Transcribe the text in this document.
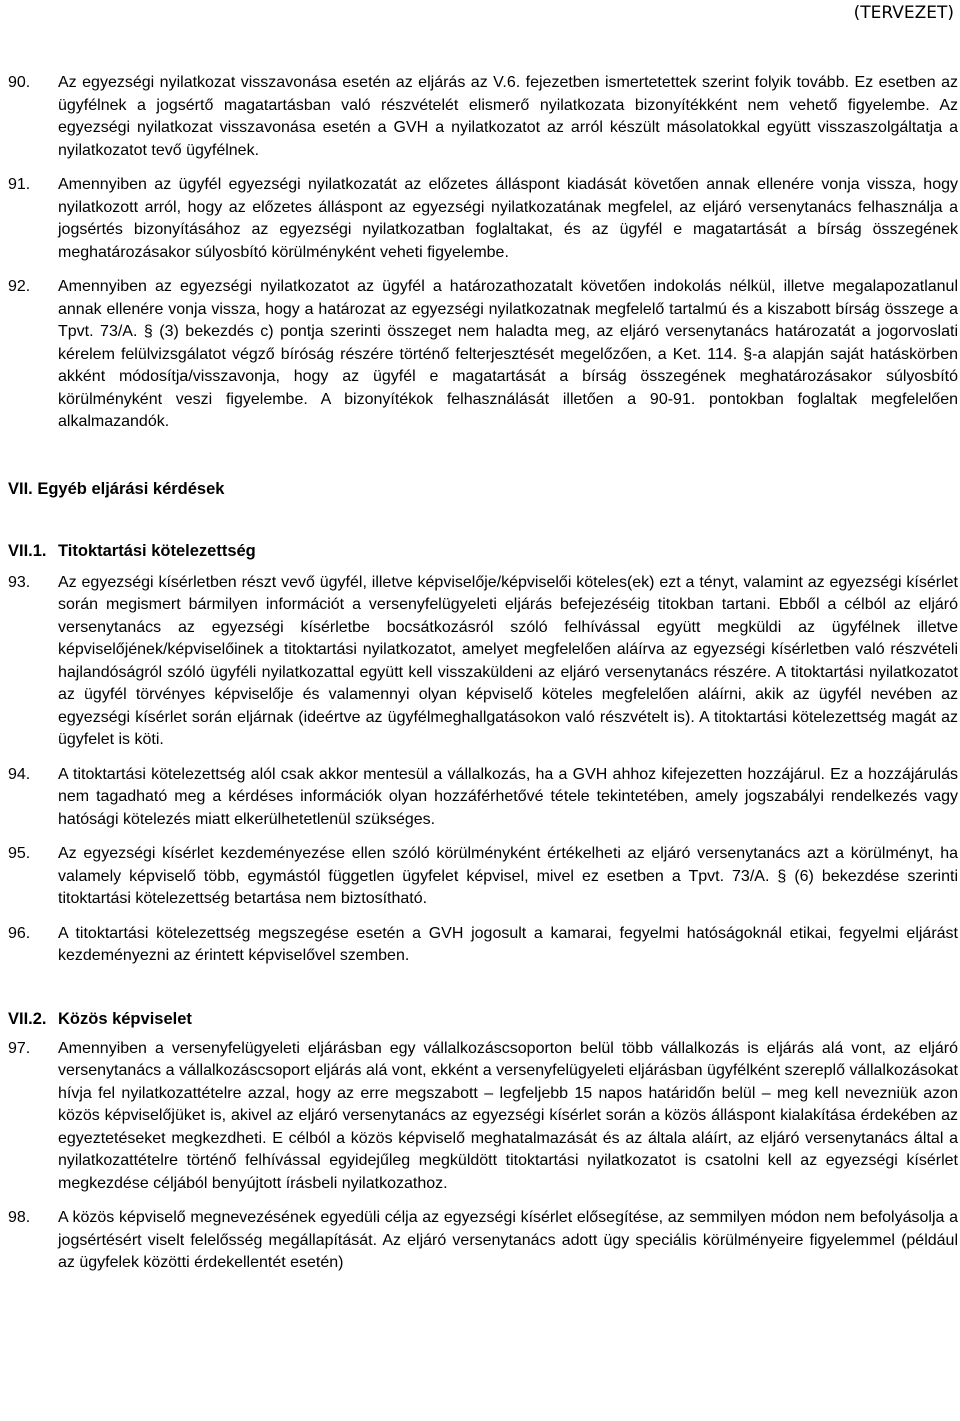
(TERVEZET)
90.	Az egyezségi nyilatkozat visszavonása esetén az eljárás az V.6. fejezetben ismertetettek szerint folyik tovább. Ez esetben az ügyfélnek a jogsértő magatartásban való részvételét elismerő nyilatkozata bizonyítékként nem vehető figyelembe. Az egyezségi nyilatkozat visszavonása esetén a GVH a nyilatkozatot az arról készült másolatokkal együtt visszaszolgáltatja a nyilatkozatot tevő ügyfélnek.
91.	Amennyiben az ügyfél egyezségi nyilatkozatát az előzetes álláspont kiadását követően annak ellenére vonja vissza, hogy nyilatkozott arról, hogy az előzetes álláspont az egyezségi nyilatkozatának megfelel, az eljáró versenytanács felhasználja a jogsértés bizonyításához az egyezségi nyilatkozatban foglaltakat, és az ügyfél e magatartását a bírság összegének meghatározásakor súlyosbító körülményként veheti figyelembe.
92.	Amennyiben az egyezségi nyilatkozatot az ügyfél a határozathozatalt követően indokolás nélkül, illetve megalapozatlanul annak ellenére vonja vissza, hogy a határozat az egyezségi nyilatkozatnak megfelelő tartalmú és a kiszabott bírság összege a Tpvt. 73/A. § (3) bekezdés c) pontja szerinti összeget nem haladta meg, az eljáró versenytanács határozatát a jogorvoslati kérelem felülvizsgálatot végző bíróság részére történő felterjesztését megelőzően, a Ket. 114. §-a alapján saját hatáskörben akként módosítja/visszavonja, hogy az ügyfél e magatartását a bírság összegének meghatározásakor súlyosbító körülményként veszi figyelembe. A bizonyítékok felhasználását illetően a 90-91. pontokban foglaltak megfelelően alkalmazandók.
VII. Egyéb eljárási kérdések
VII.1. Titoktartási kötelezettség
93.	Az egyezségi kísérletben részt vevő ügyfél, illetve képviselője/képviselői köteles(ek) ezt a tényt, valamint az egyezségi kísérlet során megismert bármilyen információt a versenyfelügyeleti eljárás befejezéséig titokban tartani. Ebből a célból az eljáró versenytanács az egyezségi kísérletbe bocsátkozásról szóló felhívással együtt megküldi az ügyfélnek illetve képviselőjének/képviselőinek a titoktartási nyilatkozatot, amelyet megfelelően aláírva az egyezségi kísérletben való részvételi hajlandóságról szóló ügyféli nyilatkozattal együtt kell visszaküldeni az eljáró versenytanács részére. A titoktartási nyilatkozatot az ügyfél törvényes képviselője és valamennyi olyan képviselő köteles megfelelően aláírni, akik az ügyfél nevében az egyezségi kísérlet során eljárnak (ideértve az ügyfélmeghallgatásokon való részvételt is). A titoktartási kötelezettség magát az ügyfelet is köti.
94.	A titoktartási kötelezettség alól csak akkor mentesül a vállalkozás, ha a GVH ahhoz kifejezetten hozzájárul. Ez a hozzájárulás nem tagadható meg a kérdéses információk olyan hozzáférhetővé tétele tekintetében, amely jogszabályi rendelkezés vagy hatósági kötelezés miatt elkerülhetetlenül szükséges.
95.	Az egyezségi kísérlet kezdeményezése ellen szóló körülményként értékelheti az eljáró versenytanács azt a körülményt, ha valamely képviselő több, egymástól független ügyfelet képvisel, mivel ez esetben a Tpvt. 73/A. § (6) bekezdése szerinti titoktartási kötelezettség betartása nem biztosítható.
96.	A titoktartási kötelezettség megszegése esetén a GVH jogosult a kamarai, fegyelmi hatóságoknál etikai, fegyelmi eljárást kezdeményezni az érintett képviselővel szemben.
VII.2. Közös képviselet
97.	Amennyiben a versenyfelügyeleti eljárásban egy vállalkozáscsoporton belül több vállalkozás is eljárás alá vont, az eljáró versenytanács a vállalkozáscsoport eljárás alá vont, ekként a versenyfelügyeleti eljárásban ügyfélként szereplő vállalkozásokat hívja fel nyilatkozattételre azzal, hogy az erre megszabott – legfeljebb 15 napos határidőn belül – meg kell nevezniük azon közös képviselőjüket is, akivel az eljáró versenytanács az egyezségi kísérlet során a közös álláspont kialakítása érdekében az egyeztetéseket megkezdheti. E célból a közös képviselő meghatalmazását és az általa aláírt, az eljáró versenytanács által a nyilatkozattételre történő felhívással egyidejűleg megküldött titoktartási nyilatkozatot is csatolni kell az egyezségi kísérlet megkezdése céljából benyújtott írásbeli nyilatkozathoz.
98.	A közös képviselő megnevezésének egyedüli célja az egyezségi kísérlet elősegítése, az semmilyen módon nem befolyásolja a jogsértésért viselt felelősség megállapítását. Az eljáró versenytanács adott ügy speciális körülményeire figyelemmel (például az ügyfelek közötti érdekellentét esetén)
